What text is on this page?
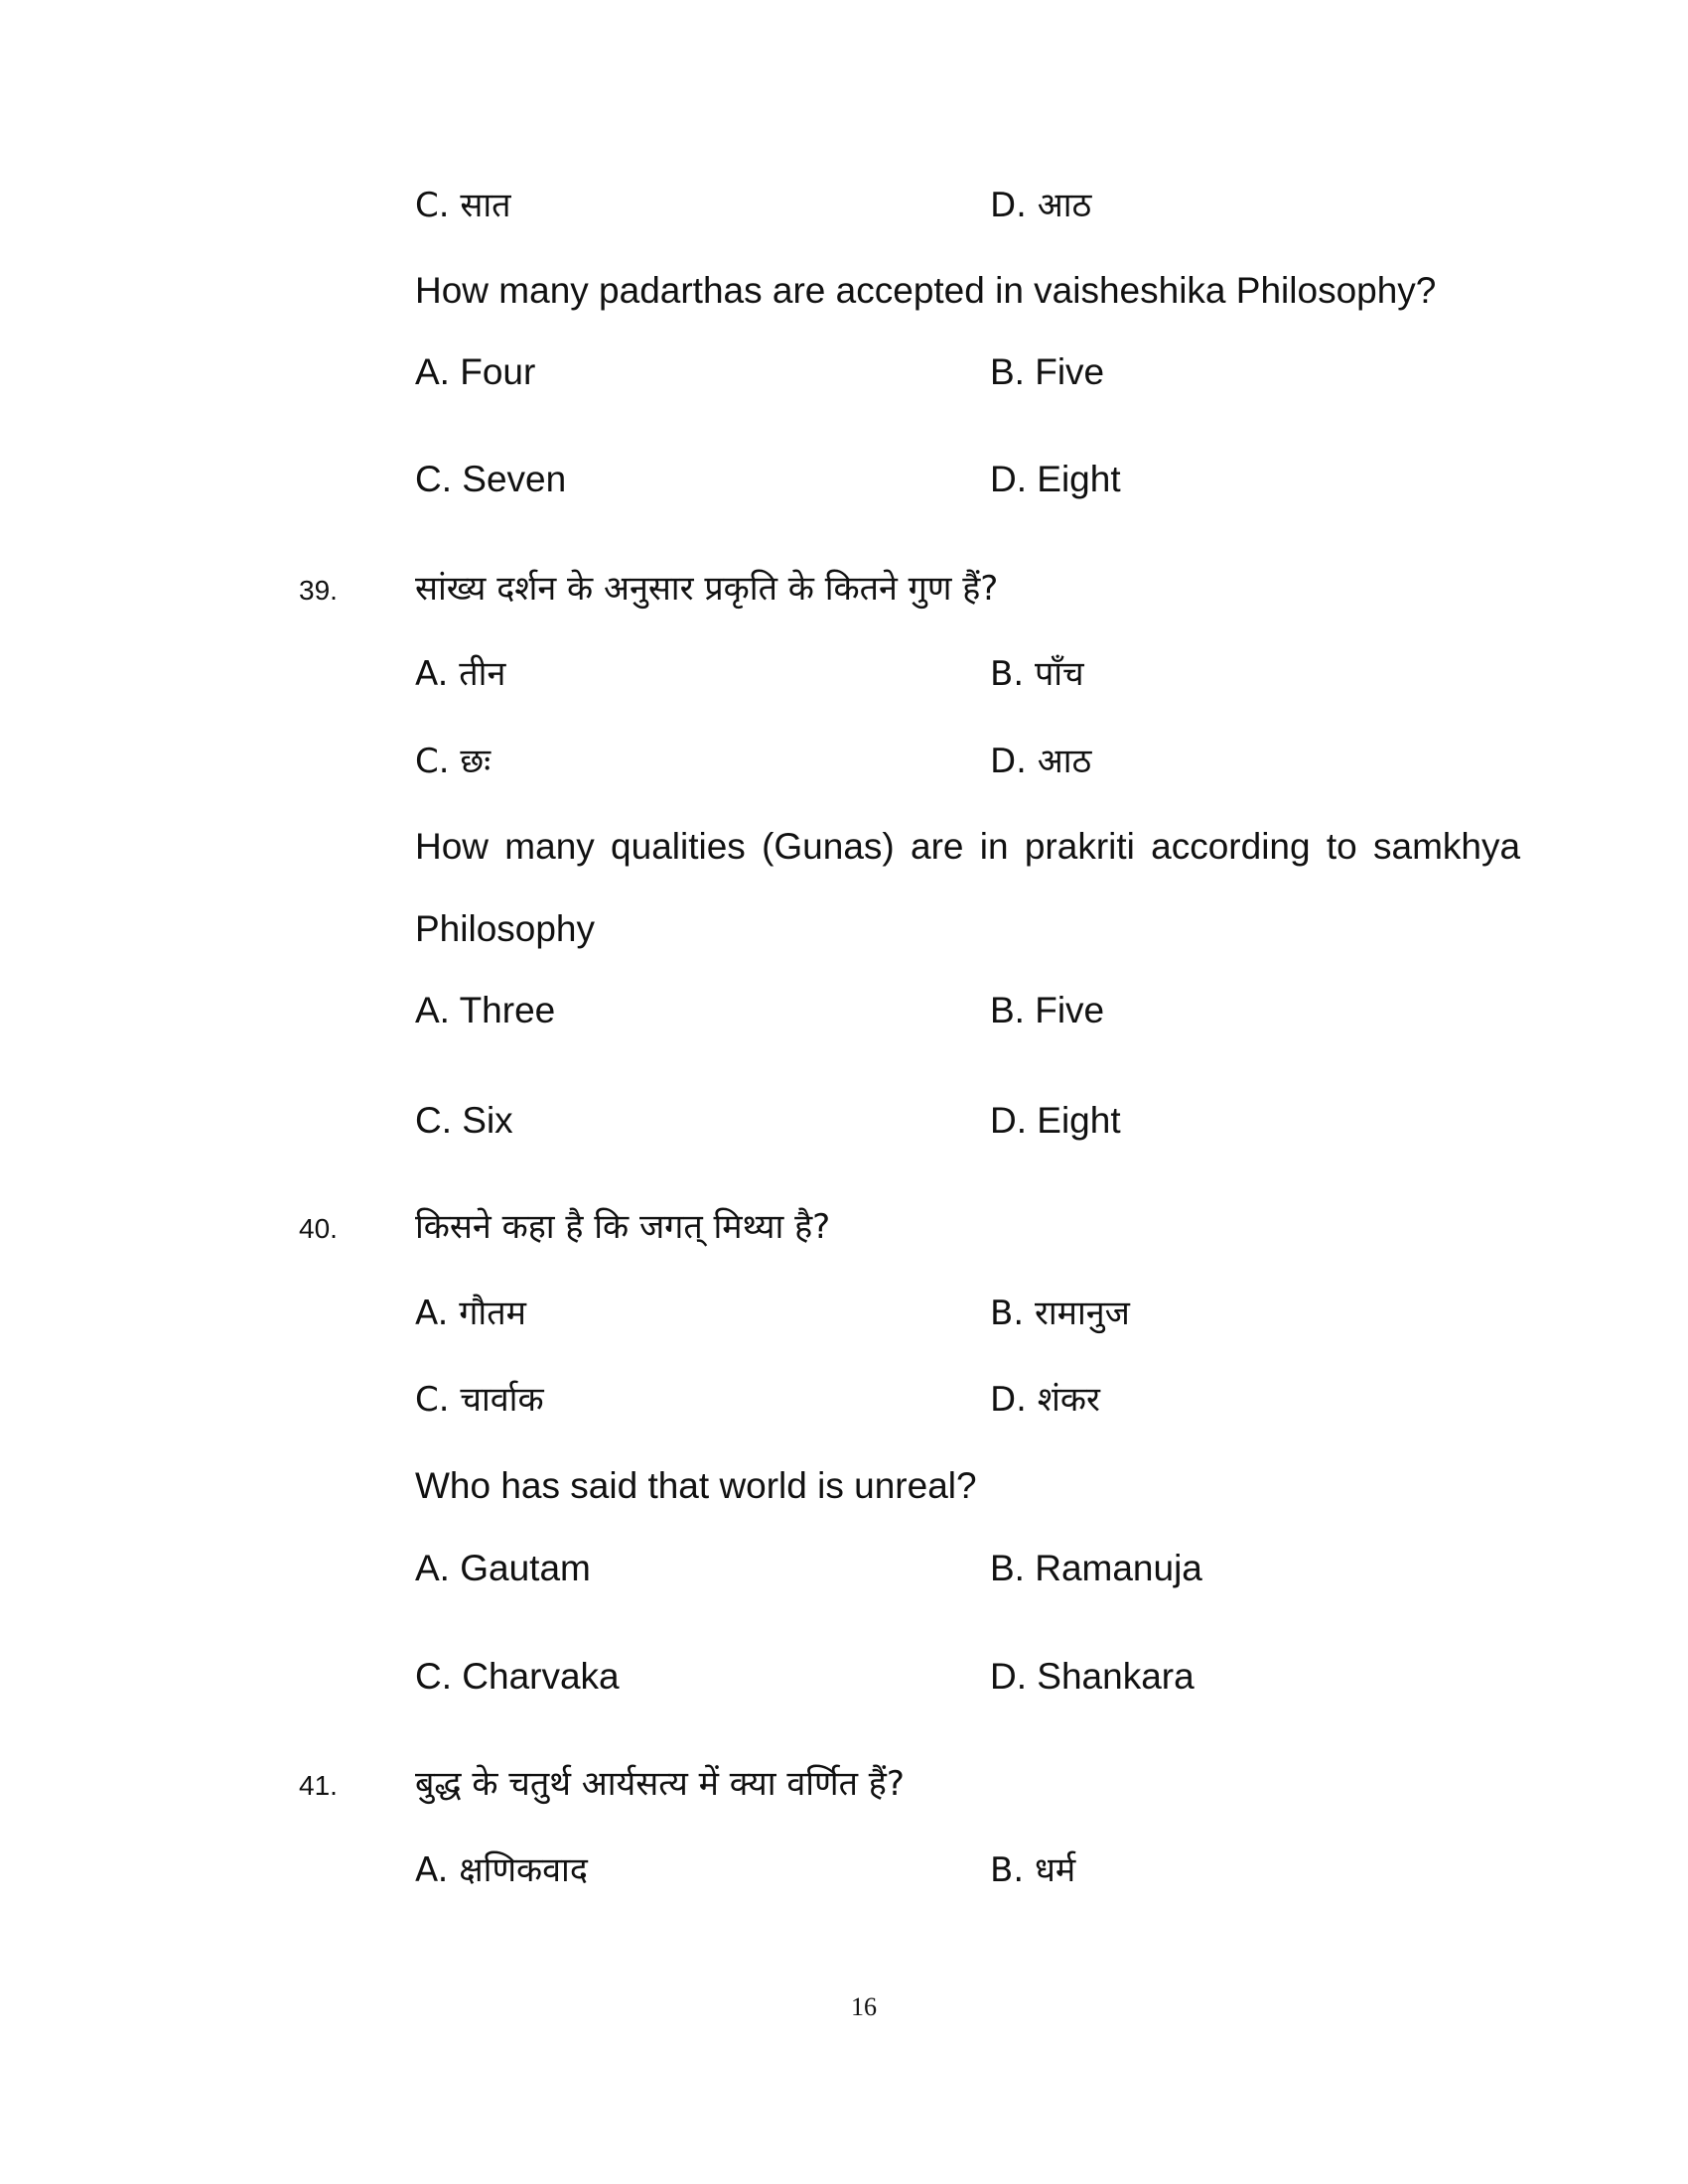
C. सात	D. आठ
How many padarthas are accepted in vaisheshika Philosophy?
A. Four	B. Five
C. Seven	D. Eight
39. सांख्य दर्शन के अनुसार प्रकृति के कितने गुण हैं?
A. तीन	B. पाँच
C. छः	D. आठ
How many qualities (Gunas) are in prakriti according to samkhya
Philosophy
A. Three	B. Five
C. Six	D. Eight
40. किसने कहा है कि जगत् मिथ्या है?
A. गौतम	B. रामानुज
C. चार्वाक	D. शंकर
Who has said that world is unreal?
A. Gautam	B. Ramanuja
C. Charvaka	D. Shankara
41. बुद्ध के चतुर्थ आर्यसत्य में क्या वर्णित हैं?
A. क्षणिकवाद	B. धर्म
16
